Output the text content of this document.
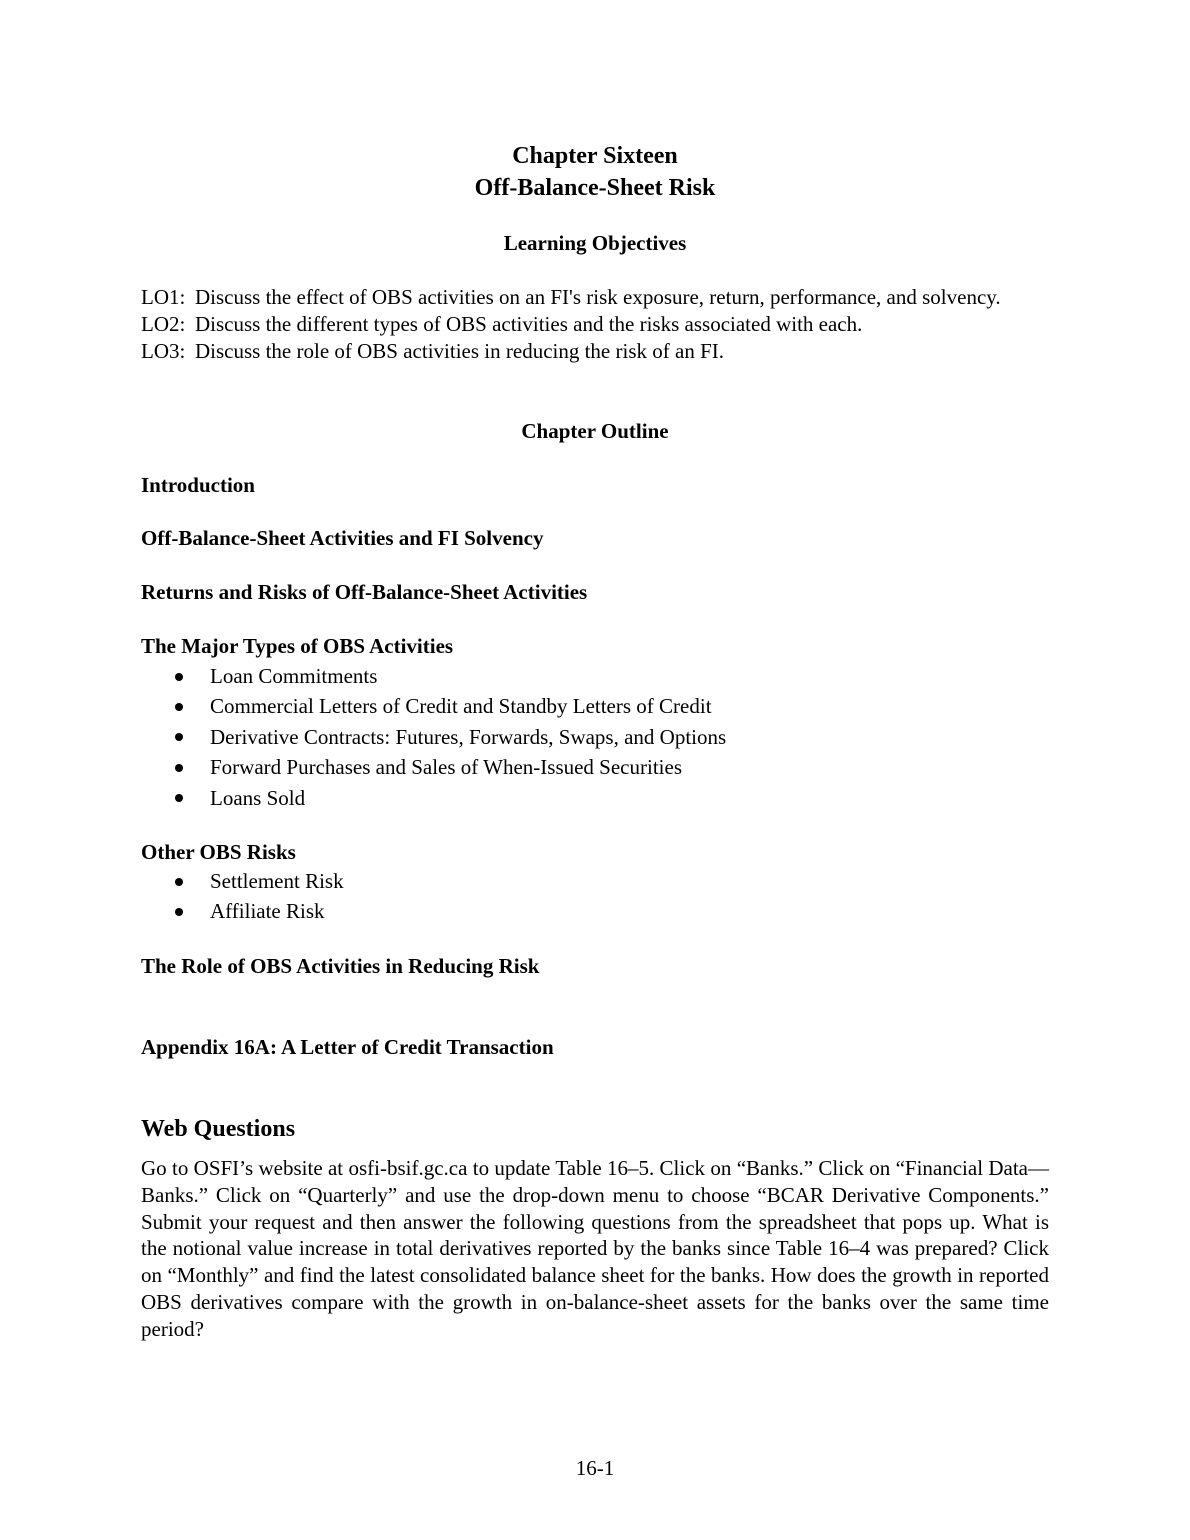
Chapter Sixteen
Off-Balance-Sheet Risk
Learning Objectives
LO1: Discuss the effect of OBS activities on an FI's risk exposure, return, performance, and solvency.
LO2: Discuss the different types of OBS activities and the risks associated with each.
LO3: Discuss the role of OBS activities in reducing the risk of an FI.
Chapter Outline
Introduction
Off-Balance-Sheet Activities and FI Solvency
Returns and Risks of Off-Balance-Sheet Activities
The Major Types of OBS Activities
Loan Commitments
Commercial Letters of Credit and Standby Letters of Credit
Derivative Contracts: Futures, Forwards, Swaps, and Options
Forward Purchases and Sales of When-Issued Securities
Loans Sold
Other OBS Risks
Settlement Risk
Affiliate Risk
The Role of OBS Activities in Reducing Risk
Appendix 16A: A Letter of Credit Transaction
Web Questions

Go to OSFI’s website at osfi-bsif.gc.ca to update Table 16–5. Click on “Banks.” Click on “Financial Data—Banks.” Click on “Quarterly” and use the drop-down menu to choose “BCAR Derivative Components.” Submit your request and then answer the following questions from the spreadsheet that pops up. What is the notional value increase in total derivatives reported by the banks since Table 16–4 was prepared? Click on “Monthly” and find the latest consolidated balance sheet for the banks. How does the growth in reported OBS derivatives compare with the growth in on-balance-sheet assets for the banks over the same time period?

16-1
